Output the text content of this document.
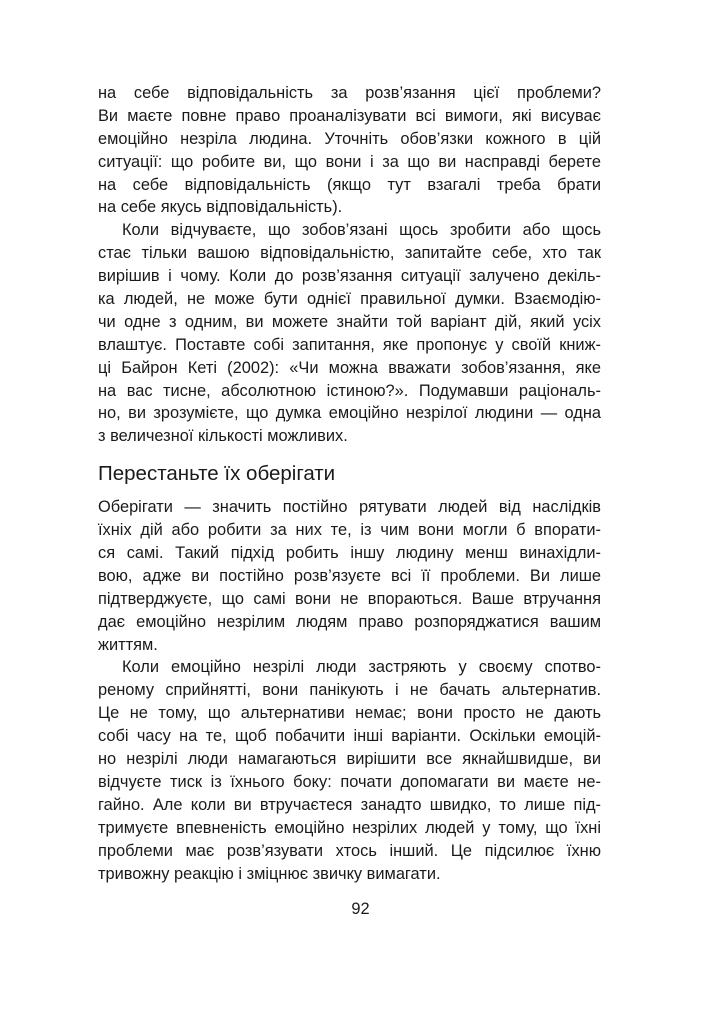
на себе відповідальність за розв’язання цієї проблеми?
Ви маєте повне право проаналізувати всі вимоги, які висуває
емоційно незріла людина. Уточніть обов’язки кожного в цій
ситуації: що робите ви, що вони і за що ви насправді берете
на себе відповідальність (якщо тут взагалі треба брати
на себе якусь відповідальність).
Коли відчуваєте, що зобов’язані щось зробити або щось
стає тільки вашою відповідальністю, запитайте себе, хто так
вирішив і чому. Коли до розв’язання ситуації залучено декіль-
ка людей, не може бути однієї правильної думки. Взаємодію-
чи одне з одним, ви можете знайти той варіант дій, який усіх
влаштує. Поставте собі запитання, яке пропонує у своїй книж-
ці Байрон Кеті (2002): «Чи можна вважати зобов’язання, яке
на вас тисне, абсолютною істиною?». Подумавши раціональ-
но, ви зрозумієте, що думка емоційно незрілої людини — одна
з величезної кількості можливих.
Перестаньте їх оберігати
Оберігати — значить постійно рятувати людей від наслідків
їхніх дій або робити за них те, із чим вони могли б впорати-
ся самі. Такий підхід робить іншу людину менш винахідли-
вою, адже ви постійно розв’язуєте всі її проблеми. Ви лише
підтверджуєте, що самі вони не впораються. Ваше втручання
дає емоційно незрілим людям право розпоряджатися вашим
життям.
Коли емоційно незрілі люди застряють у своєму спотво-
реному сприйнятті, вони панікують і не бачать альтернатив.
Це не тому, що альтернативи немає; вони просто не дають
собі часу на те, щоб побачити інші варіанти. Оскільки емоцій-
но незрілі люди намагаються вирішити все якнайшвидше, ви
відчуєте тиск із їхнього боку: почати допомагати ви маєте не-
гайно. Але коли ви втручаєтеся занадто швидко, то лише під-
тримуєте впевненість емоційно незрілих людей у тому, що їхні
проблеми має розв’язувати хтось інший. Це підсилює їхню
тривожну реакцію і зміцнює звичку вимагати.
92
